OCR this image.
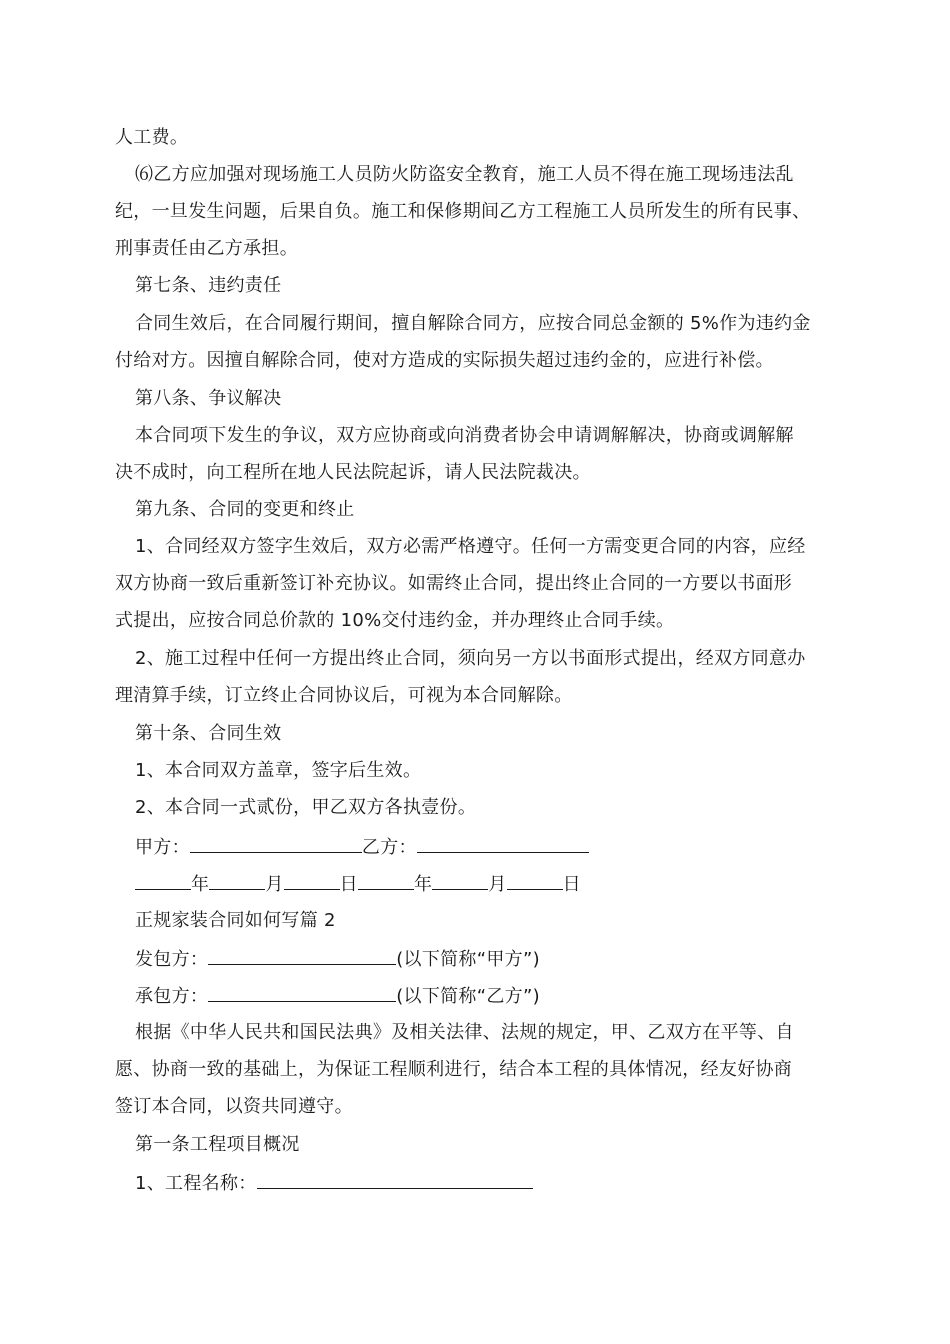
人工费。
⑹乙方应加强对现场施工人员防火防盗安全教育，施工人员不得在施工现场违法乱
纪，一旦发生问题，后果自负。施工和保修期间乙方工程施工人员所发生的所有民事、
刑事责任由乙方承担。
第七条、违约责任
合同生效后，在合同履行期间，擅自解除合同方，应按合同总金额的 5%作为违约金
付给对方。因擅自解除合同，使对方造成的实际损失超过违约金的，应进行补偿。
第八条、争议解决
本合同项下发生的争议，双方应协商或向消费者协会申请调解解决，协商或调解解
决不成时，向工程所在地人民法院起诉，请人民法院裁决。
第九条、合同的变更和终止
1、合同经双方签字生效后，双方必需严格遵守。任何一方需变更合同的内容，应经
双方协商一致后重新签订补充协议。如需终止合同，提出终止合同的一方要以书面形
式提出，应按合同总价款的 10%交付违约金，并办理终止合同手续。
2、施工过程中任何一方提出终止合同，须向另一方以书面形式提出，经双方同意办
理清算手续，订立终止合同协议后，可视为本合同解除。
第十条、合同生效
1、本合同双方盖章，签字后生效。
2、本合同一式贰份，甲乙双方各执壹份。
甲方：	乙方：
年	月	日	年	月	日
正规家装合同如何写篇 2
发包方：	(以下简称“甲方”)
承包方：	(以下简称“乙方”)
根据《中华人民共和国民法典》及相关法律、法规的规定，甲、乙双方在平等、自
愿、协商一致的基础上，为保证工程顺利进行，结合本工程的具体情况，经友好协商
签订本合同，以资共同遵守。
第一条工程项目概况
1、工程名称：
